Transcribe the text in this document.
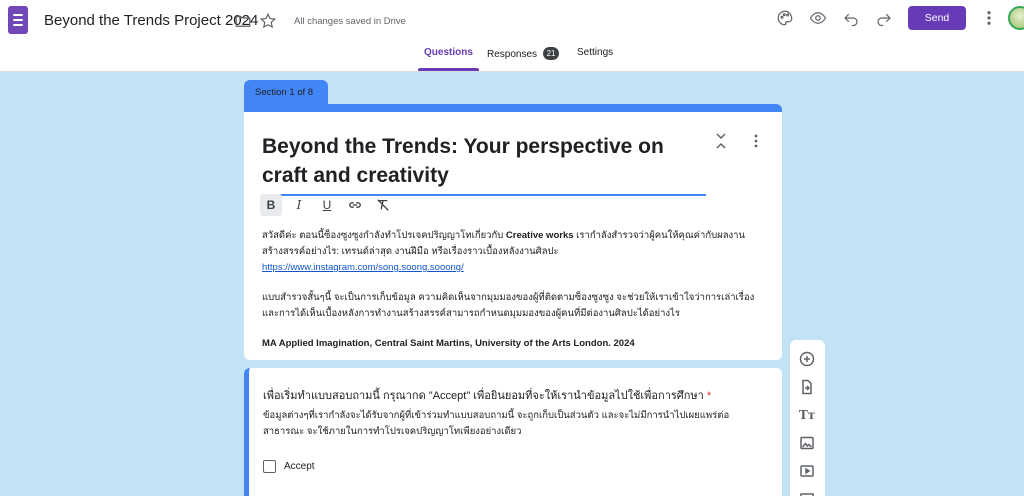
Beyond the Trends Project 2024	All changes saved in Drive	Send
Questions Responses 21	Settings
Section 1 of 8
Beyond the Trends: Your perspective on craft and creativity
B	I	U
สวัสดีค่ะ ตอนนี้ซ็องซูงซูงกำลังทำโปรเจคปริญญาโทเกี่ยวกับ Creative works เรากำลังสำรวจว่าผู้คนให้คุณค่ากับผลงาน
สร้างสรรค์อย่างไร: เทรนด์ล่าสุด งานฝีมือ หรือเรื่องราวเบื้องหลังงานศิลปะ
https://www.instagram.com/song.soong.sooong/
แบบสำรวจสั้นๆนี้ จะเป็นการเก็บข้อมูล ความคิดเห็นจากมุมมองของผู้ที่ติดตามซ็องซูงซูง จะช่วยให้เราเข้าใจว่าการเล่าเรื่อง
และการได้เห็นเบื้องหลังการทำงานสร้างสรรค์สามารถกำหนดมุมมองของผู้คนที่มีต่องานศิลปะได้อย่างไร
MA Applied Imagination, Central Saint Martins, University of the Arts London. 2024
เพื่อเริ่มทำแบบสอบถามนี้ กรุณากด "Accept" เพื่อยินยอมที่จะให้เรานำข้อมูลไปใช้เพื่อการศึกษา *
ข้อมูลต่างๆที่เรากำลังจะได้รับจากผู้ที่เข้าร่วมทำแบบสอบถามนี้ จะถูกเก็บเป็นส่วนตัว และจะไม่มีการนำไปเผยแพร่ต่อ
สาธารณะ จะใช้ภายในการทำโปรเจคปริญญาโทเพียงอย่างเดียว
Accept
Tт
